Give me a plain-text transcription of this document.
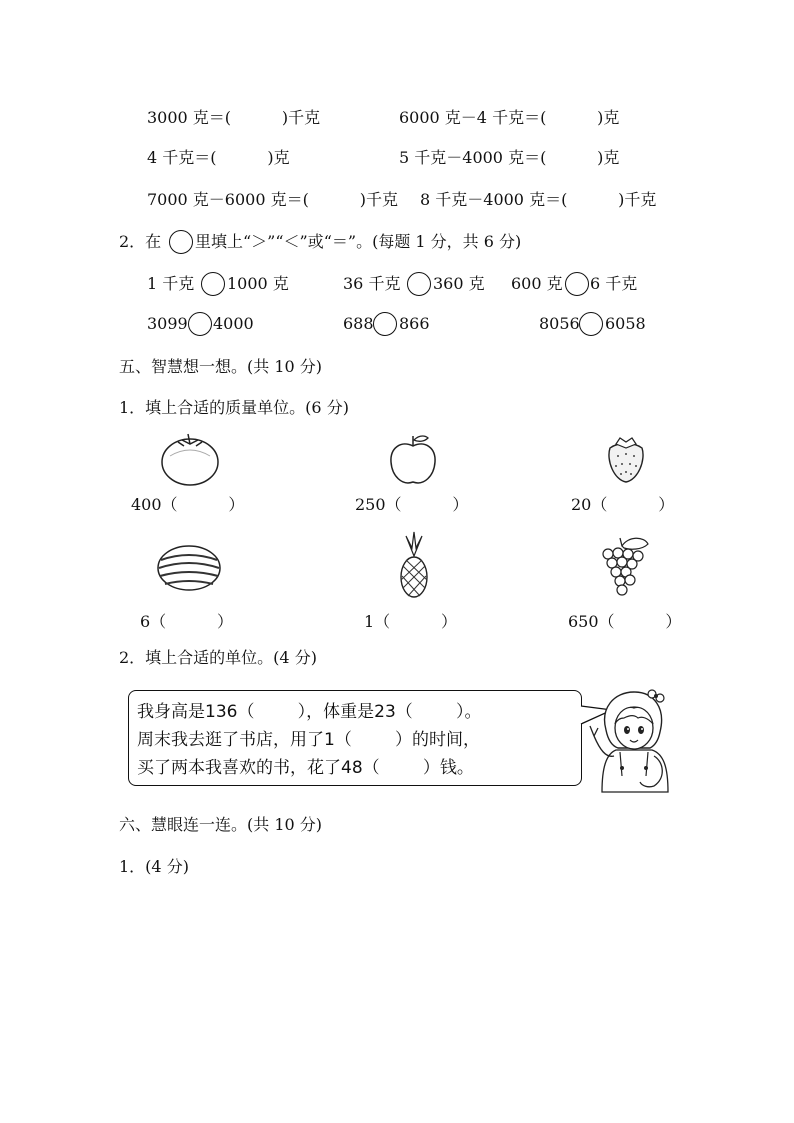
3000 克＝(          )千克	6000 克－4 千克＝(          )克
4 千克＝(          )克	5 千克－4000 克＝(          )克
7000 克－6000 克＝(          )千克 8 千克－4000 克＝(          )千克
2．在 里填上“＞”“＜”或“＝”。(每题 1 分，共 6 分)
1 千克 1000 克	36 千克 360 克 600 克 6 千克
3099 4000	688 866	8056 6058
五、智慧想一想。(共 10 分)
1．填上合适的质量单位。(6 分)
400（          ）	250（          ）	20（          ）
6（          ）	1（          ）	650（          ）
2．填上合适的单位。(4 分)
我身高是136（        ），体重是23（        ）。
周末我去逛了书店，用了1（        ）的时间，
买了两本我喜欢的书，花了48（        ）钱。
六、慧眼连一连。(共 10 分)
1．(4 分)
